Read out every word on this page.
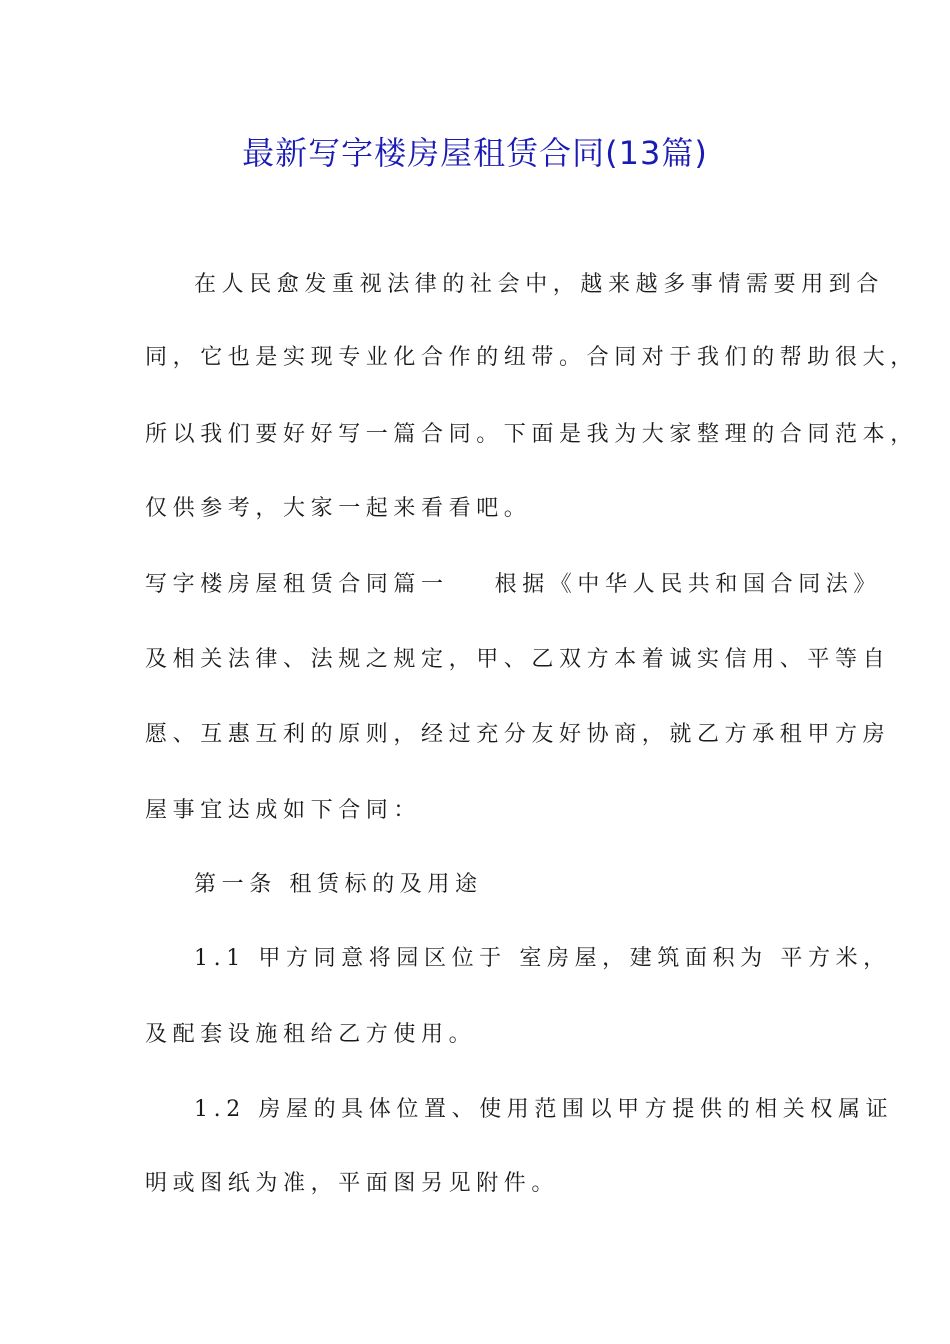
最新写字楼房屋租赁合同(13篇)
在人民愈发重视法律的社会中，越来越多事情需要用到合
同，它也是实现专业化合作的纽带。合同对于我们的帮助很大，
所以我们要好好写一篇合同。下面是我为大家整理的合同范本，
仅供参考，大家一起来看看吧。
写字楼房屋租赁合同篇一 根据《中华人民共和国合同法》
及相关法律、法规之规定，甲、乙双方本着诚实信用、平等自
愿、互惠互利的原则，经过充分友好协商，就乙方承租甲方房
屋事宜达成如下合同：
第一条 租赁标的及用途
1.1 甲方同意将园区位于 室房屋，建筑面积为 平方米，
及配套设施租给乙方使用。
1.2 房屋的具体位置、使用范围以甲方提供的相关权属证
明或图纸为准，平面图另见附件。
